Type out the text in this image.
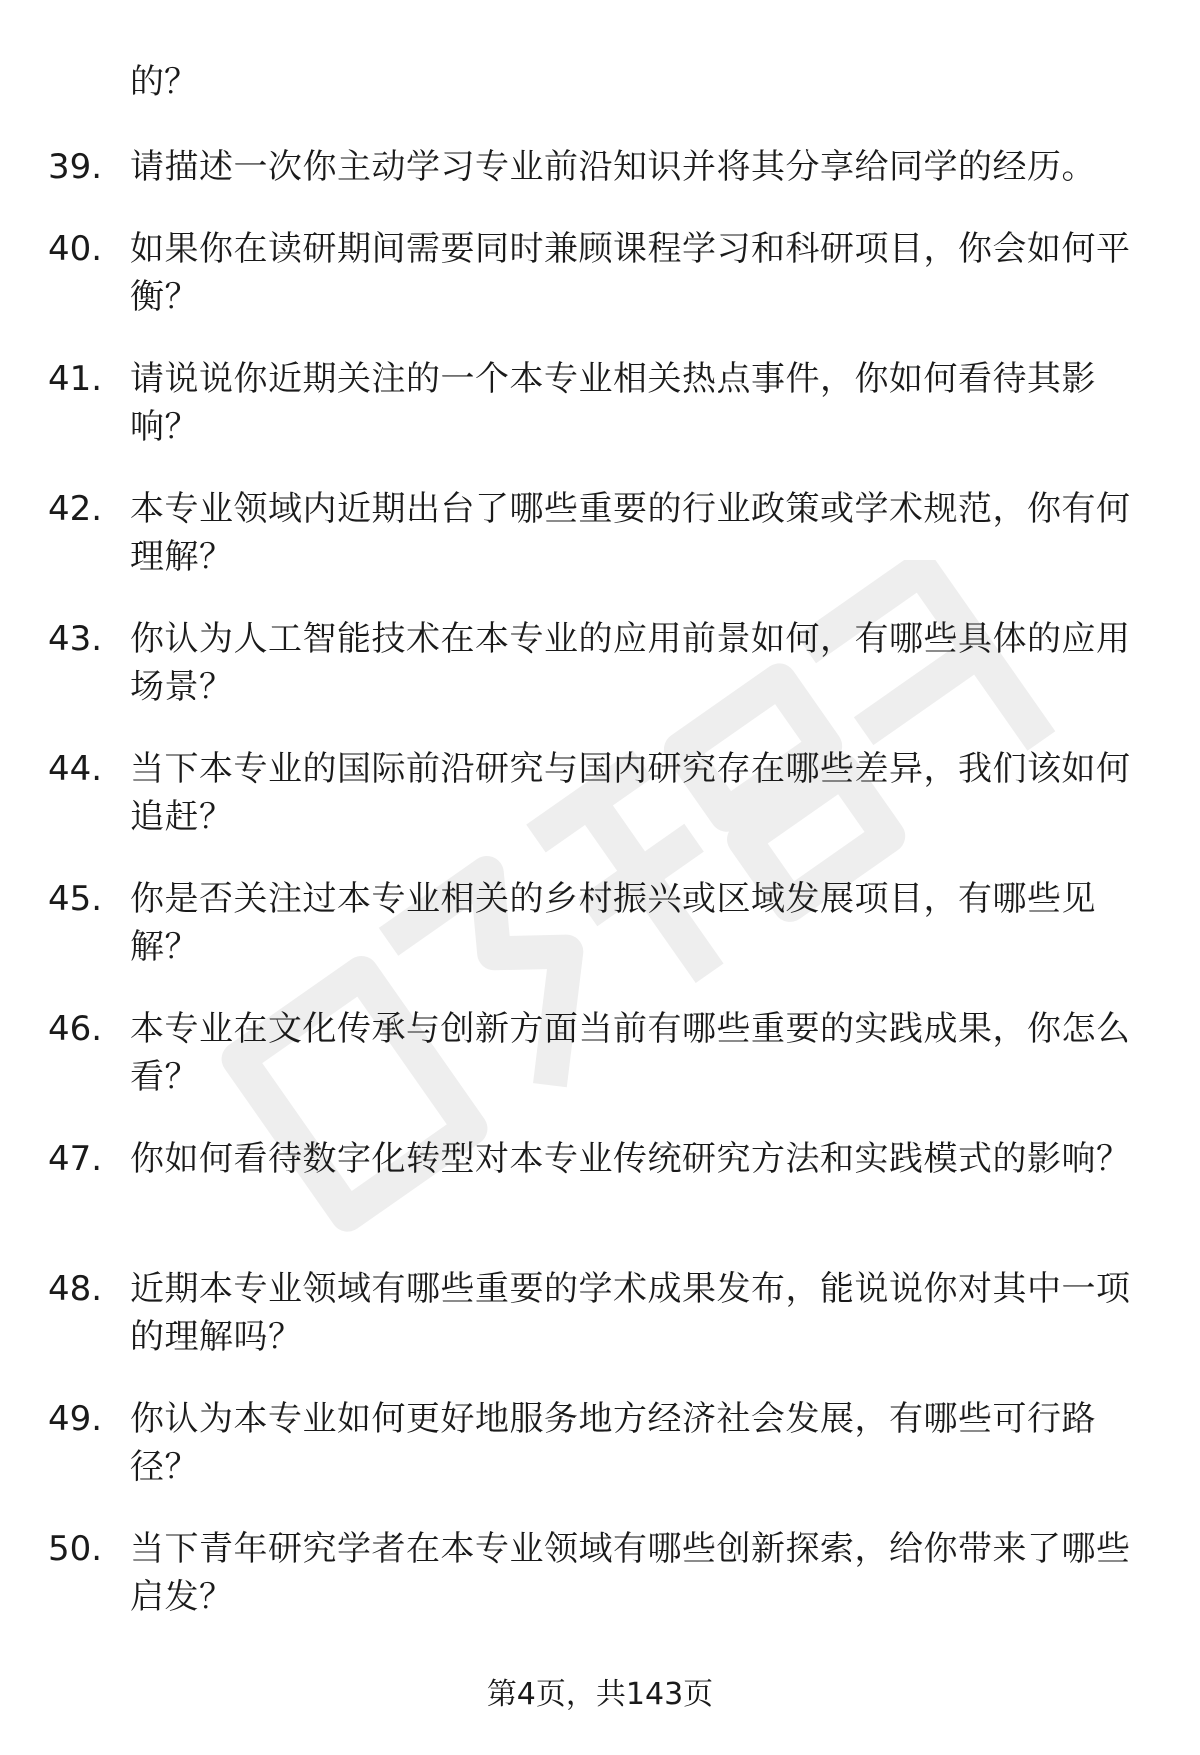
的？

39. 请描述一次你主动学习专业前沿知识并将其分享给同学的经历。
40. 如果你在读研期间需要同时兼顾课程学习和科研项目，你会如何平衡？
41. 请说说你近期关注的一个本专业相关热点事件，你如何看待其影响？
42. 本专业领域内近期出台了哪些重要的行业政策或学术规范，你有何理解？
43. 你认为人工智能技术在本专业的应用前景如何，有哪些具体的应用场景？
44. 当下本专业的国际前沿研究与国内研究存在哪些差异，我们该如何追赶？
45. 你是否关注过本专业相关的乡村振兴或区域发展项目，有哪些见解？
46. 本专业在文化传承与创新方面当前有哪些重要的实践成果，你怎么看？
47. 你如何看待数字化转型对本专业传统研究方法和实践模式的影响？
48. 近期本专业领域有哪些重要的学术成果发布，能说说你对其中一项的理解吗？
49. 你认为本专业如何更好地服务地方经济社会发展，有哪些可行路径？
50. 当下青年研究学者在本专业领域有哪些创新探索，给你带来了哪些启发？

第4页，共143页
